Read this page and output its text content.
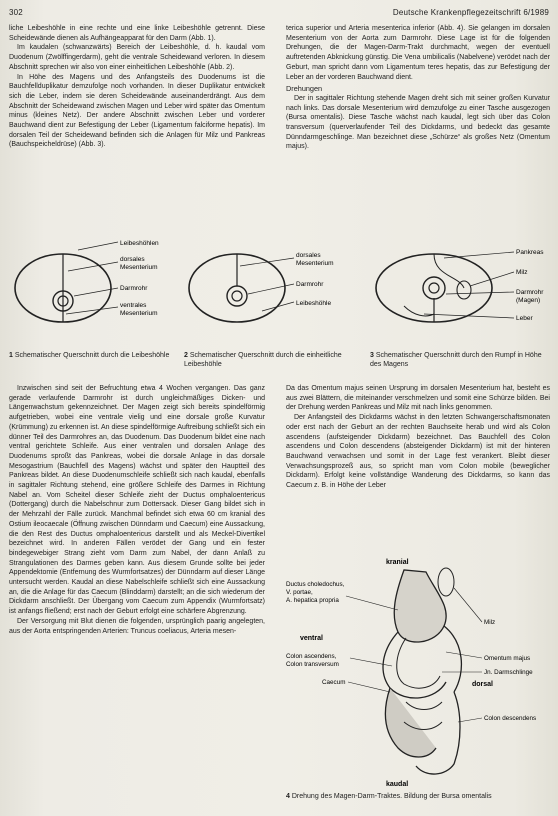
302	Deutsche Krankenpflegezeitschrift 6/1989

liche Leibeshöhle in eine rechte und eine linke Leibeshöhle getrennt. Diese Scheidewände dienen als Aufhängeapparat für den Darm (Abb. 1).

Im kaudalen (schwanzwärts) Bereich der Leibeshöhle, d. h. kaudal vom Duodenum (Zwölffingerdarm), geht die ventrale Scheidewand verloren. In diesem Abschnitt sprechen wir also von einer einheitlichen Leibeshöhle (Abb. 2).

In Höhe des Magens und des Anfangsteils des Duodenums ist die Bauchfellduplikatur demzufolge noch vorhanden. In dieser Duplikatur entwickelt sich die Leber, indem sie deren Scheidewände auseinanderdrängt. Aus dem Abschnitt der Scheidewand zwischen Magen und Leber wird später das Omentum minus (kleines Netz). Der andere Abschnitt zwischen Leber und vorderer Bauchwand dient zur Befestigung der Leber (Ligamentum falciforme hepatis). Im dorsalen Teil der Scheidewand befinden sich die Anlagen für Milz und Pankreas (Bauchspeicheldrüse) (Abb. 3).

terica superior und Arteria mesenterica inferior (Abb. 4). Sie gelangen im dorsalen Mesenterium von der Aorta zum Darmrohr. Diese Lage ist für die folgenden Drehungen, die der Magen-Darm-Trakt durchmacht, wegen der eventuell auftretenden Abknickung günstig. Die Vena umbilicalis (Nabelvene) verödet nach der Geburt, man spricht dann vom Ligamentum teres hepatis, das zur Befestigung der Leber an der vorderen Bauchwand dient.

Drehungen

Der in sagittaler Richtung stehende Magen dreht sich mit seiner großen Kurvatur nach links. Das dorsale Mesenterium wird demzufolge zu einer Tasche ausgezogen (Bursa omentalis). Diese Tasche wächst nach kaudal, legt sich über das Colon transversum (querverlaufender Teil des Dickdarms, und bedeckt das gesamte Dünndarmgeschlinge. Man bezeichnet diese „Schürze“ als großes Netz (Omentum majus).

Leibeshöhlen
dorsales
Mesenterium
Darmrohr
ventrales
Mesenterium
dorsales
Mesenterium
Darmrohr
Leibeshöhle
Pankreas
Milz
Darmrohr
(Magen)
Leber
1 Schematischer Querschnitt durch die Leibeshöhle	2 Schematischer Querschnitt durch die einheitliche Leibeshöhle
3 Schematischer Querschnitt durch den Rumpf in Höhe des Magens

Inzwischen sind seit der Befruchtung etwa 4 Wochen vergangen. Das ganz gerade verlaufende Darmrohr ist durch ungleichmäßiges Dicken- und Längenwachstum gekennzeichnet. Der Magen zeigt sich bereits spindelförmig aufgetrieben, wobei eine ventrale vielig und eine dorsale große Kurvatur (Krümmung) zu erkennen ist. An diese spindelförmige Auftreibung schließt sich ein dünner Teil des Darmrohres an, das Duodenum. Das Duodenum bildet eine nach ventral gerichtete Schleife. Aus einer ventralen und dorsalen Anlage des Duodenums sproßt das Pankreas, wobei die dorsale Anlage in das dorsale Mesogastrium (Bauchfell des Magens) wächst und später den Hauptteil des Pankreas bildet. An diese Duodenumschleife schließt sich nach kaudal, ebenfalls in sagittaler Richtung stehend, eine größere Schleife des Darmes in Richtung Nabel an. Vom Scheitel dieser Schleife zieht der Ductus omphaloentericus (Dottergang) durch die Nabelschnur zum Dottersack. Dieser Gang bildet sich in der Mehrzahl der Fälle zurück. Manchmal befindet sich etwa 60 cm kranial des Ostium ileocaecale (Öffnung zwischen Dünndarm und Caecum) eine Aussackung, die den Rest des Ductus omphaloentericus darstellt und als Meckel-Divertikel bezeichnet wird. In anderen Fällen verödet der Gang und ein fester bindegewebiger Strang zieht vom Darm zum Nabel, der dann Anlaß zu Strangulationen des Darmes geben kann. Aus diesem Grunde sollte bei jeder Appendektomie (Entfernung des Wurmfortsatzes) der Dünndarm auf dieser Länge untersucht werden. Kaudal an diese Nabelschleife schließt sich eine Aussackung an, die die Anlage für das Caecum (Blinddarm) darstellt; an die sich wiederum der Dickdarm anschließt. Der Übergang vom Caecum zum Appendix (Wurmfortsatz) ist anfangs fließend; erst nach der Geburt erfolgt eine schärfere Abgrenzung.

Der Versorgung mit Blut dienen die folgenden, ursprünglich paarig angelegten, aus der Aorta entspringenden Arterien: Truncus coeliacus, Arteria mesen-

Da das Omentum majus seinen Ursprung im dorsalen Mesenterium hat, besteht es aus zwei Blättern, die miteinander verschmelzen und somit eine Schürze bilden. Bei der Drehung werden Pankreas und Milz mit nach links genommen.

Der Anfangsteil des Dickdarms wächst in den letzten Schwangerschaftsmonaten oder erst nach der Geburt an der rechten Bauchseite herab und wird als Colon ascendens (aufsteigender Dickdarm) bezeichnet. Das Bauchfell des Colon ascendens und Colon descendens (absteigender Dickdarm) ist mit der hinteren Bauchwand verwachsen und somit in der Lage fest verankert. Bleibt dieser Verwachsungsprozeß aus, so spricht man vom Colon mobile (beweglicher Dickdarm). Erfolgt keine vollständige Wanderung des Dickdarms, so kann das Caecum z. B. in Höhe der Leber

kranial
kaudal
ventral
dorsal
Ductus choledochus,
V. portae,
A. hepatica propria
Colon ascendens,
Colon transversum
Caecum
Milz
Omentum majus
Jn. Darmschlinge
Colon descendens
4 Drehung des Magen-Darm-Traktes. Bildung der Bursa omentalis
